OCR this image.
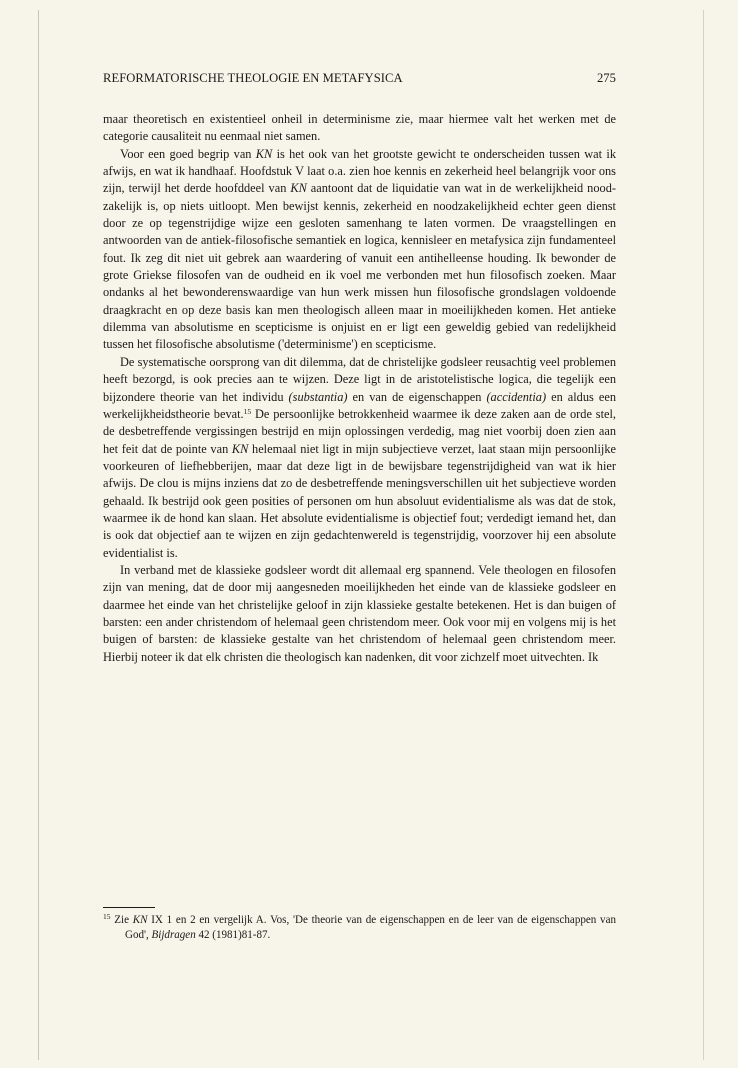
REFORMATORISCHE THEOLOGIE EN METAFYSICA	275

maar theoretisch en existentieel onheil in determinisme zie, maar hiermee valt het werken met de categorie causaliteit nu eenmaal niet samen.

Voor een goed begrip van KN is het ook van het grootste gewicht te onderscheiden tussen wat ik afwijs, en wat ik handhaaf. Hoofdstuk V laat o.a. zien hoe kennis en zekerheid heel belangrijk voor ons zijn, terwijl het derde hoofddeel van KN aantoont dat de liquidatie van wat in de werkelijkheid noodzakelijk is, op niets uitloopt. Men bewijst kennis, zekerheid en noodzakelijkheid echter geen dienst door ze op tegenstrijdige wijze een gesloten samenhang te laten vormen. De vraagstellingen en antwoorden van de antiek-filosofische semantiek en logica, kennisleer en metafysica zijn fundamenteel fout. Ik zeg dit niet uit gebrek aan waardering of vanuit een antihelleense houding. Ik bewonder de grote Griekse filosofen van de oudheid en ik voel me verbonden met hun filosofisch zoeken. Maar ondanks al het bewonderenswaardige van hun werk missen hun filosofische grondslagen voldoende draagkracht en op deze basis kan men theologisch alleen maar in moeilijkheden komen. Het antieke dilemma van absolutisme en scepticisme is onjuist en er ligt een geweldig gebied van redelijkheid tussen het filosofische absolutisme ('determinisme') en scepticisme.

De systematische oorsprong van dit dilemma, dat de christelijke godsleer reusachtig veel problemen heeft bezorgd, is ook precies aan te wijzen. Deze ligt in de aristotelistische logica, die tegelijk een bijzondere theorie van het individu (substantia) en van de eigenschappen (accidentia) en aldus een werkelijkheidstheorie bevat.$^{15}$ De persoonlijke betrokkenheid waarmee ik deze zaken aan de orde stel, de desbetreffende vergissingen bestrijd en mijn oplossingen verdedig, mag niet voorbij doen zien aan het feit dat de pointe van KN helemaal niet ligt in mijn subjectieve verzet, laat staan mijn persoonlijke voorkeuren of liefhebberijen, maar dat deze ligt in de bewijsbare tegenstrijdigheid van wat ik hier afwijs. De clou is mijns inziens dat zo de desbetreffende meningsverschillen uit het subjectieve worden gehaald. Ik bestrijd ook geen posities of personen om hun absoluut evidentialisme als was dat de stok, waarmee ik de hond kan slaan. Het absolute evidentialisme is objectief fout; verdedigt iemand het, dan is ook dat objectief aan te wijzen en zijn gedachtenwereld is tegenstrijdig, voorzover hij een absolute evidentialist is.

In verband met de klassieke godsleer wordt dit allemaal erg spannend. Vele theologen en filosofen zijn van mening, dat de door mij aangesneden moeilijkheden het einde van de klassieke godsleer en daarmee het einde van het christelijke geloof in zijn klassieke gestalte betekenen. Het is dan buigen of barsten: een ander christendom of helemaal geen christendom meer. Ook voor mij en volgens mij is het buigen of barsten: de klassieke gestalte van het christendom of helemaal geen christendom meer. Hierbij noteer ik dat elk christen die theologisch kan nadenken, dit voor zichzelf moet uitvechten. Ik

$^{15}$ Zie KN IX 1 en 2 en vergelijk A. Vos, 'De theorie van de eigenschappen en de leer van de eigenschappen van God', Bijdragen 42 (1981)81-87.
